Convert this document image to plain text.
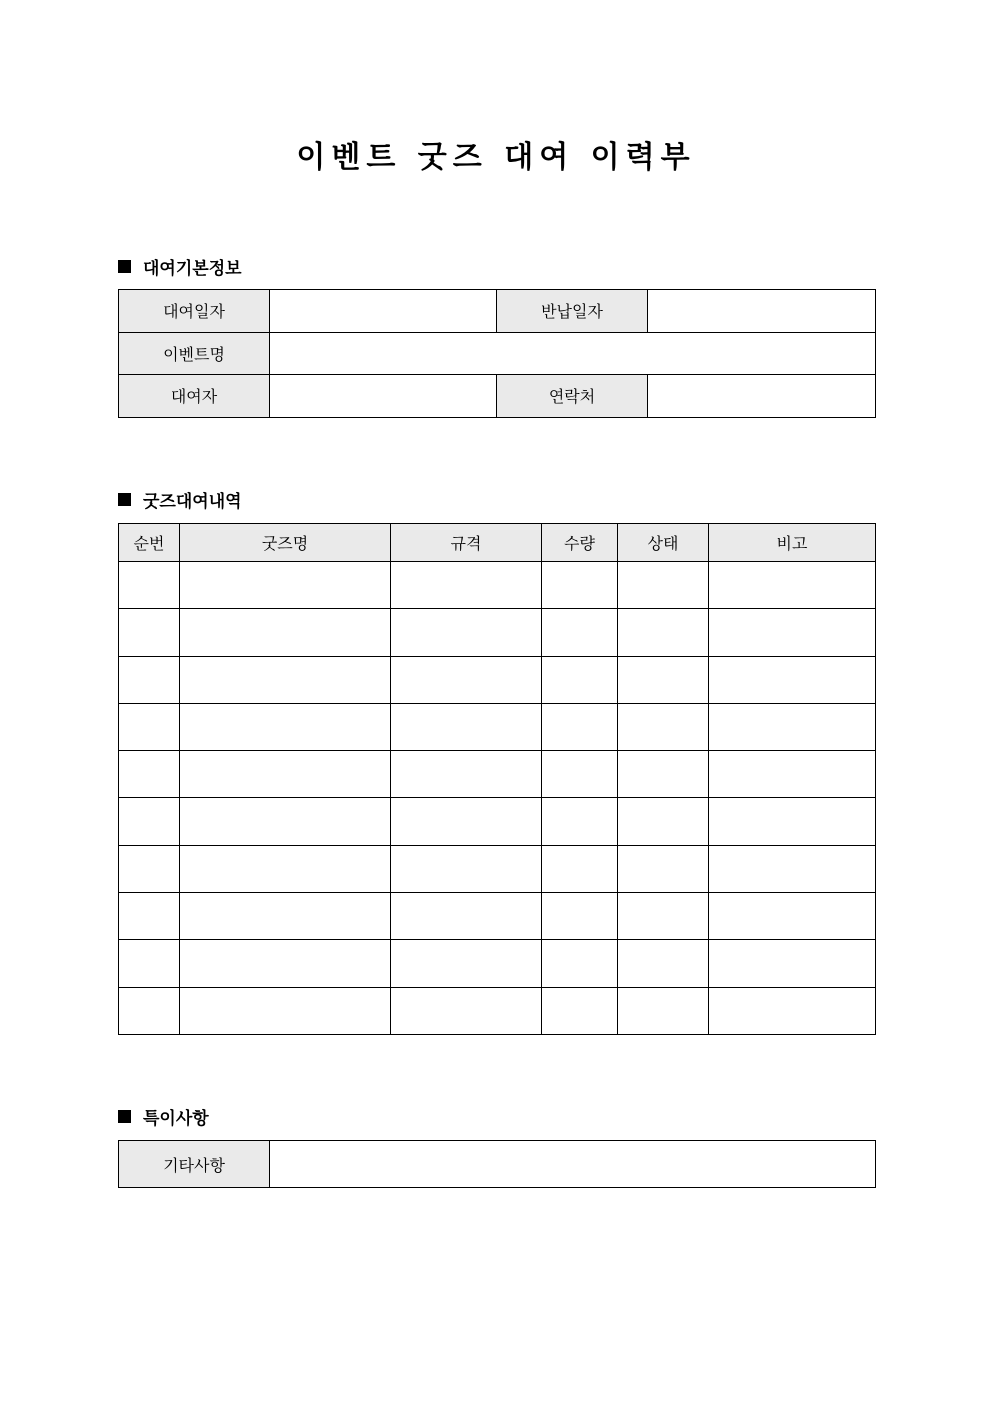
이벤트 굿즈 대여 이력부
대여기본정보
대여일자		반납일자	
이벤트명			
대여자		연락처	
굿즈대여내역
순번	굿즈명	규격	수량	상태	비고

특이사항
기타사항	
